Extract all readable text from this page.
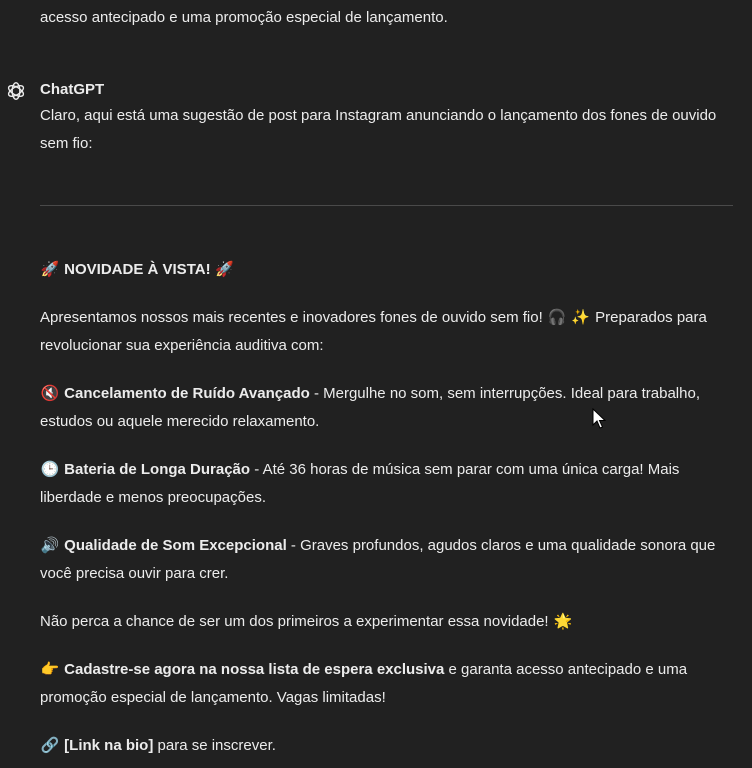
acesso antecipado e uma promoção especial de lançamento.

ChatGPT

Claro, aqui está uma sugestão de post para Instagram anunciando o lançamento dos fones de ouvido sem fio:

🚀 NOVIDADE À VISTA! 🚀

Apresentamos nossos mais recentes e inovadores fones de ouvido sem fio! 🎧 ✨ Preparados para revolucionar sua experiência auditiva com:

🔇 Cancelamento de Ruído Avançado - Mergulhe no som, sem interrupções. Ideal para trabalho, estudos ou aquele merecido relaxamento.

🕒 Bateria de Longa Duração - Até 36 horas de música sem parar com uma única carga! Mais liberdade e menos preocupações.

🔊 Qualidade de Som Excepcional - Graves profundos, agudos claros e uma qualidade sonora que você precisa ouvir para crer.

Não perca a chance de ser um dos primeiros a experimentar essa novidade! 🌟

👉 Cadastre-se agora na nossa lista de espera exclusiva e garanta acesso antecipado e uma promoção especial de lançamento. Vagas limitadas!

🔗 [Link na bio] para se inscrever.
